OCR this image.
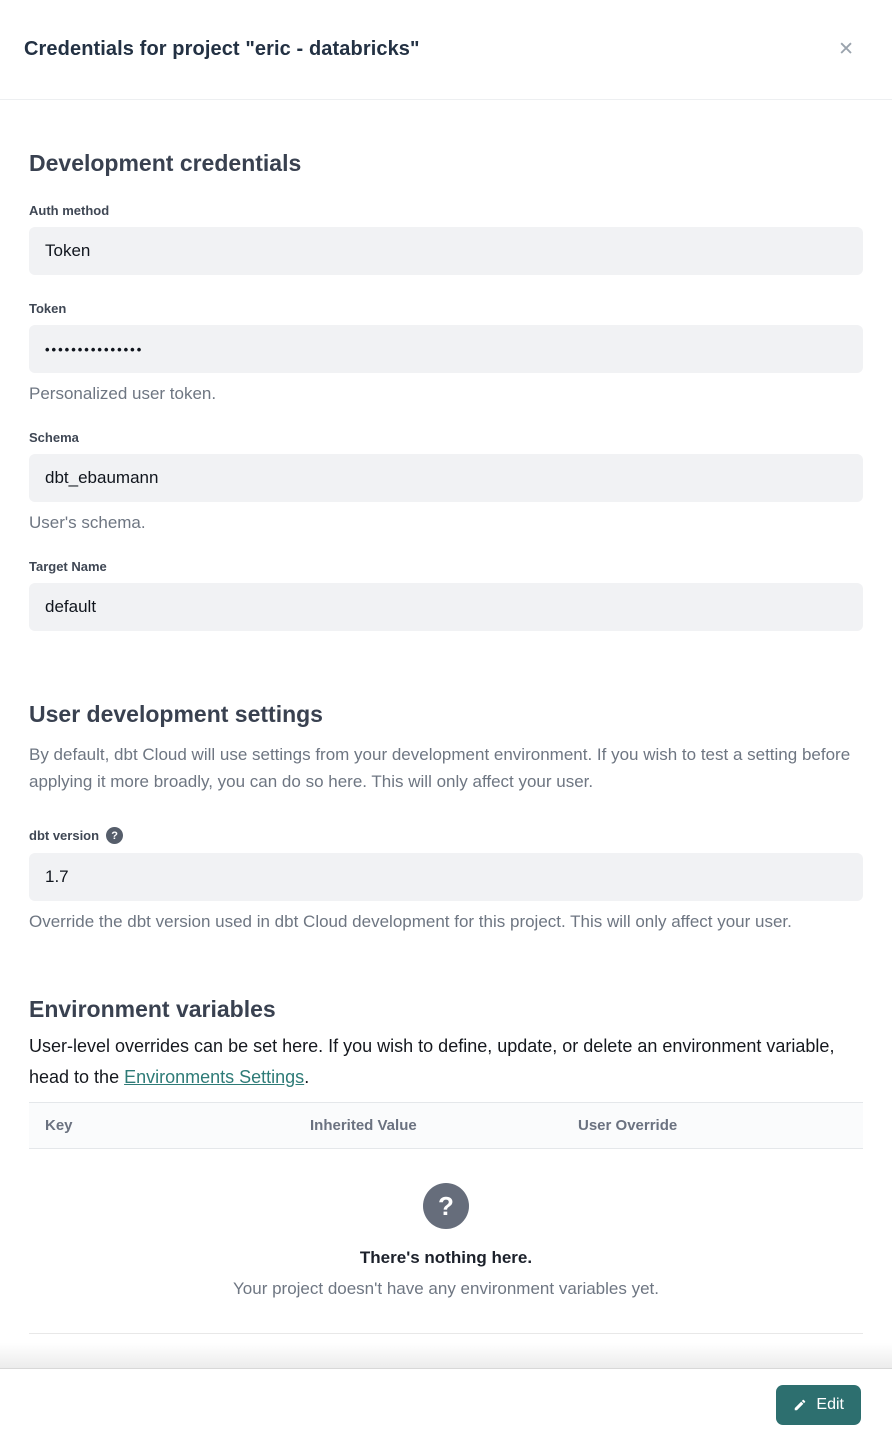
Credentials for project "eric - databricks"	✕
Development credentials
Auth method
Token
Token
•••••••••••••••
Personalized user token.
Schema
dbt_ebaumann
User's schema.
Target Name
default
User development settings

By default, dbt Cloud will use settings from your development environment. If you wish to test a setting before applying it more broadly, you can do so here. This will only affect your user.

dbt version	?
1.7
Override the dbt version used in dbt Cloud development for this project. This will only affect your user.
Environment variables

User-level overrides can be set here. If you wish to define, update, or delete an environment variable, head to the Environments Settings.

Key	Inherited Value	User Override
?
There's nothing here.
Your project doesn't have any environment variables yet.
Edit
